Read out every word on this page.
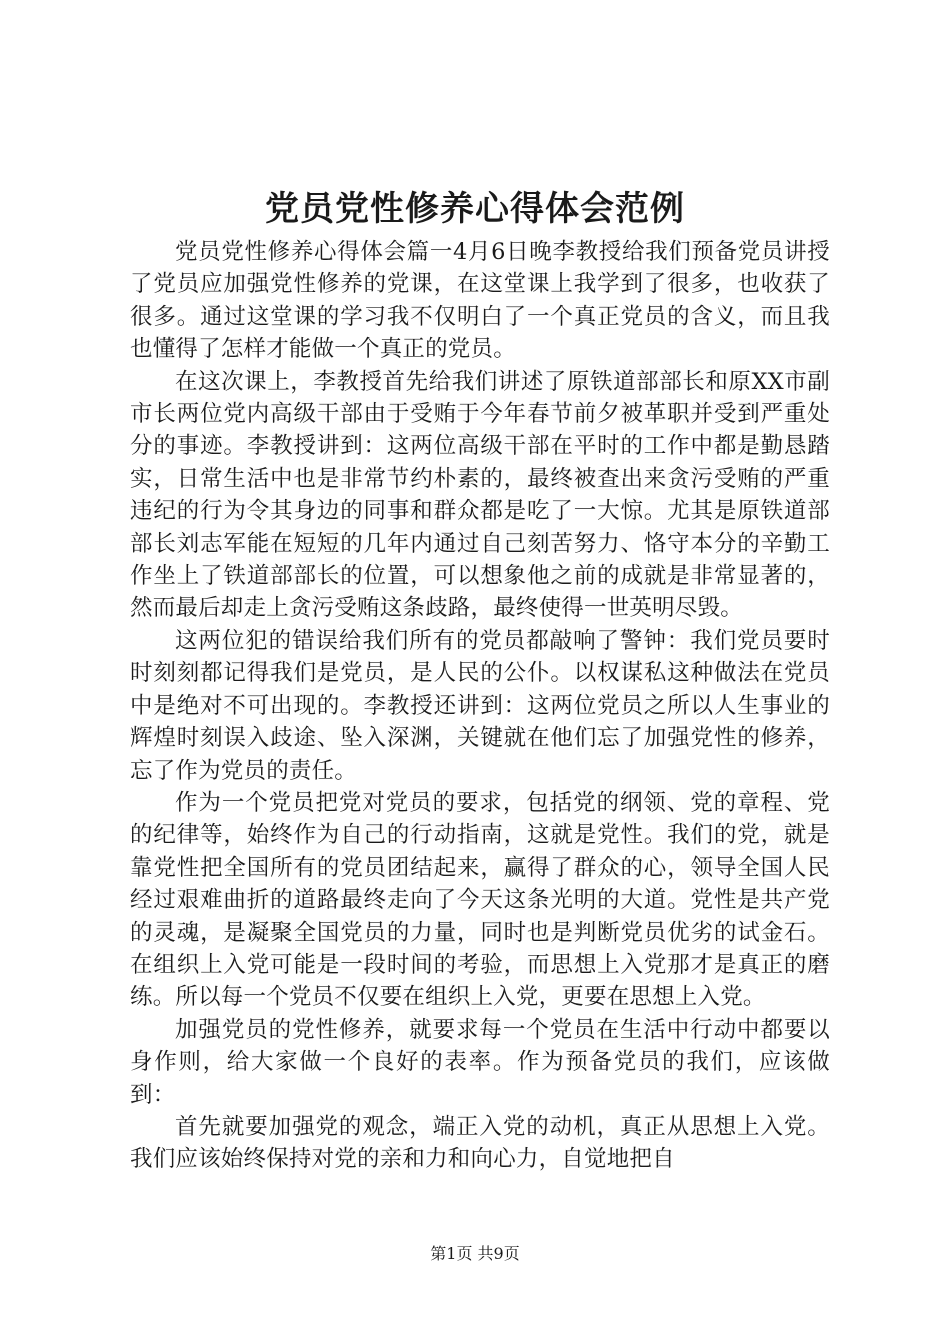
党员党性修养心得体会范例

党员党性修养心得体会篇一4月6日晚李教授给我们预备党员讲授了党员应加强党性修养的党课，在这堂课上我学到了很多，也收获了很多。通过这堂课的学习我不仅明白了一个真正党员的含义，而且我也懂得了怎样才能做一个真正的党员。

在这次课上，李教授首先给我们讲述了原铁道部部长和原XX市副市长两位党内高级干部由于受贿于今年春节前夕被革职并受到严重处分的事迹。李教授讲到：这两位高级干部在平时的工作中都是勤恳踏实，日常生活中也是非常节约朴素的，最终被查出来贪污受贿的严重违纪的行为令其身边的同事和群众都是吃了一大惊。尤其是原铁道部部长刘志军能在短短的几年内通过自己刻苦努力、恪守本分的辛勤工作坐上了铁道部部长的位置，可以想象他之前的成就是非常显著的，然而最后却走上贪污受贿这条歧路，最终使得一世英明尽毁。

这两位犯的错误给我们所有的党员都敲响了警钟：我们党员要时时刻刻都记得我们是党员，是人民的公仆。以权谋私这种做法在党员中是绝对不可出现的。李教授还讲到：这两位党员之所以人生事业的辉煌时刻误入歧途、坠入深渊，关键就在他们忘了加强党性的修养，忘了作为党员的责任。

作为一个党员把党对党员的要求，包括党的纲领、党的章程、党的纪律等，始终作为自己的行动指南，这就是党性。我们的党，就是靠党性把全国所有的党员团结起来，赢得了群众的心，领导全国人民经过艰难曲折的道路最终走向了今天这条光明的大道。党性是共产党的灵魂，是凝聚全国党员的力量，同时也是判断党员优劣的试金石。在组织上入党可能是一段时间的考验，而思想上入党那才是真正的磨练。所以每一个党员不仅要在组织上入党，更要在思想上入党。

加强党员的党性修养，就要求每一个党员在生活中行动中都要以身作则，给大家做一个良好的表率。作为预备党员的我们，应该做到：

首先就要加强党的观念，端正入党的动机，真正从思想上入党。我们应该始终保持对党的亲和力和向心力，自觉地把自

第1页 共9页
